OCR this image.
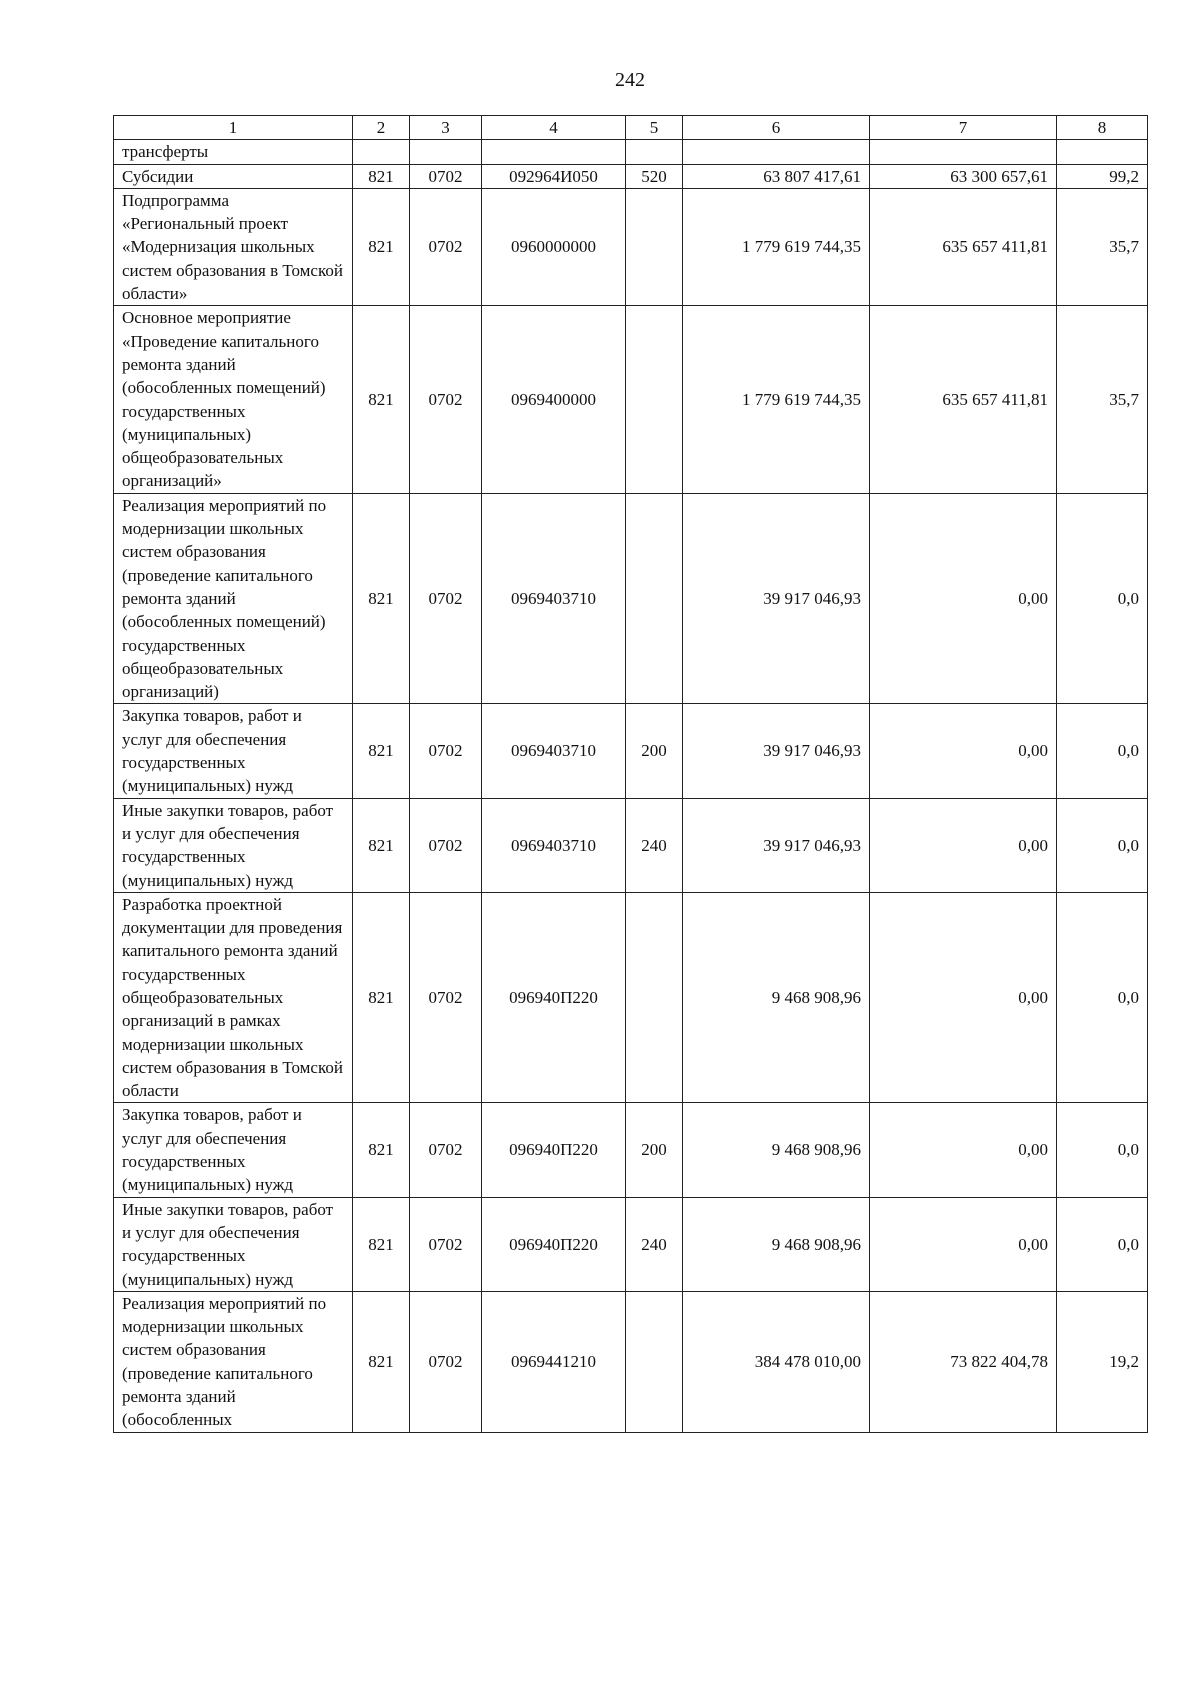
242
1	2	3	4	5	6	7	8
трансферты							
Субсидии	821	0702	092964И050	520	63 807 417,61	63 300 657,61	99,2
Подпрограмма «Региональный проект «Модернизация школьных систем образования в Томской области»	821	0702	0960000000		1 779 619 744,35	635 657 411,81	35,7
Основное мероприятие «Проведение капитального ремонта зданий (обособленных помещений) государственных (муниципальных) общеобразовательных организаций»	821	0702	0969400000		1 779 619 744,35	635 657 411,81	35,7
Реализация мероприятий по модернизации школьных систем образования (проведение капитального ремонта зданий (обособленных помещений) государственных общеобразовательных организаций)	821	0702	0969403710		39 917 046,93	0,00	0,0
Закупка товаров, работ и услуг для обеспечения государственных (муниципальных) нужд	821	0702	0969403710	200	39 917 046,93	0,00	0,0
Иные закупки товаров, работ и услуг для обеспечения государственных (муниципальных) нужд	821	0702	0969403710	240	39 917 046,93	0,00	0,0
Разработка проектной документации для проведения капитального ремонта зданий государственных общеобразовательных организаций в рамках модернизации школьных систем образования в Томской области	821	0702	096940П220		9 468 908,96	0,00	0,0
Закупка товаров, работ и услуг для обеспечения государственных (муниципальных) нужд	821	0702	096940П220	200	9 468 908,96	0,00	0,0
Иные закупки товаров, работ и услуг для обеспечения государственных (муниципальных) нужд	821	0702	096940П220	240	9 468 908,96	0,00	0,0
Реализация мероприятий по модернизации школьных систем образования (проведение капитального ремонта зданий (обособленных	821	0702	0969441210		384 478 010,00	73 822 404,78	19,2
